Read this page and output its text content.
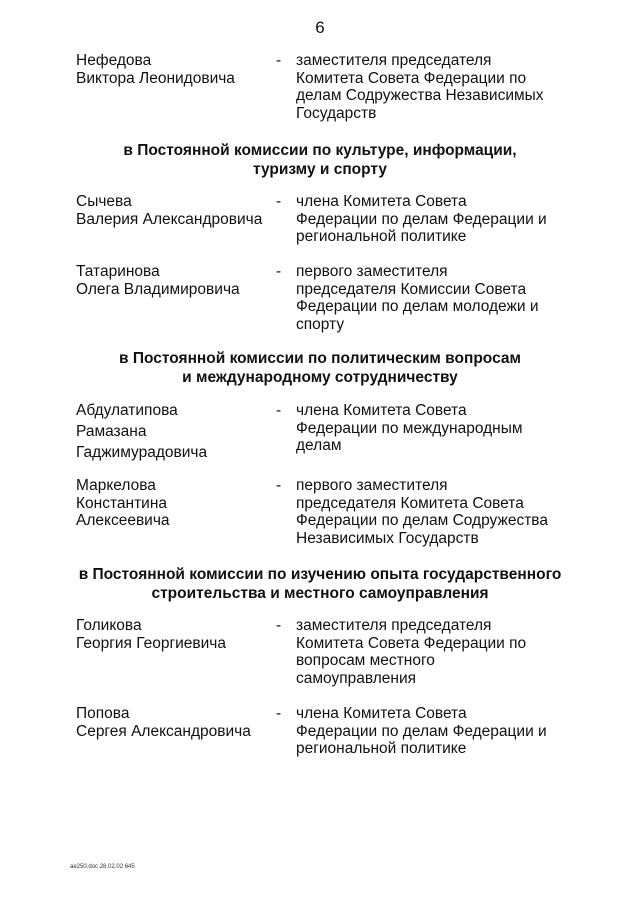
6
Нефедова
Виктора Леонидовича
- заместителя председателя
Комитета Совета Федерации по
делам Содружества Независимых
Государств
в Постоянной комиссии по культуре, информации,
туризму и спорту
Сычева
Валерия Александровича
- члена Комитета Совета
Федерации по делам Федерации и
региональной политике
Татаринова
Олега Владимировича
- первого заместителя
председателя Комиссии Совета
Федерации по делам молодежи и
спорту
в Постоянной комиссии по политическим вопросам
и международному сотрудничеству
Абдулатипова
Рамазана
Гаджимурадовича
- члена Комитета Совета
Федерации по международным
делам
Маркелова
Константина
Алексеевича
- первого заместителя
председателя Комитета Совета
Федерации по делам Содружества
Независимых Государств
в Постоянной комиссии по изучению опыта государственного
строительства и местного самоуправления
Голикова
Георгия Георгиевича
- заместителя председателя
Комитета Совета Федерации по
вопросам местного
самоуправления
Попова
Сергея Александровича
- члена Комитета Совета
Федерации по делам Федерации и
региональной политике
ae250.doc 28.02.02 645
